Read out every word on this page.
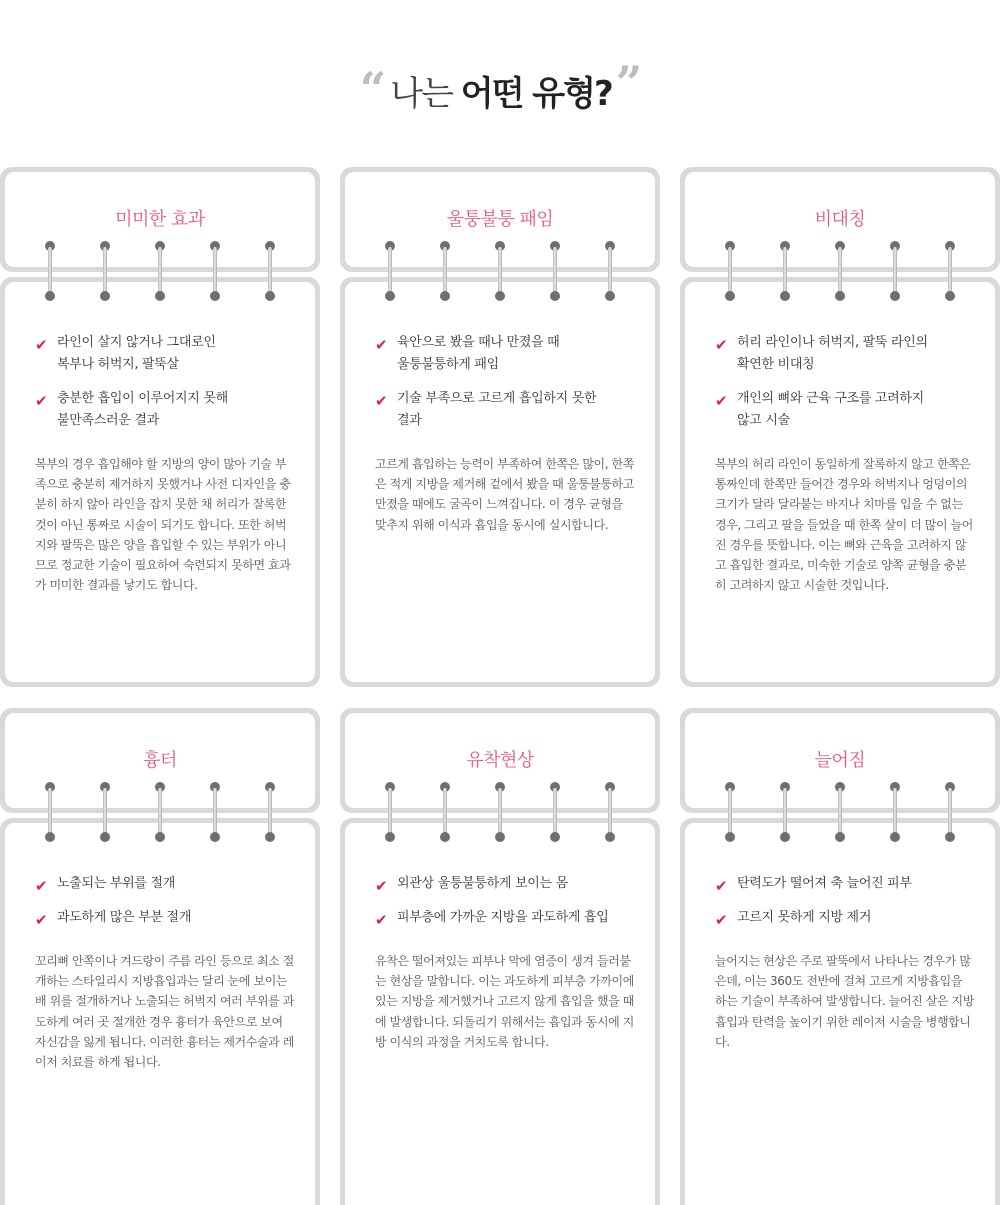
“ 나는 어떤 유형?”
미미한 효과
✔ 라인이 살지 않거나 그대로인
복부나 허벅지, 팔뚝살
✔ 충분한 흡입이 이루어지지 못해
불만족스러운 결과
복부의 경우 흡입해야 할 지방의 양이 많아 기술 부족으로 충분히 제거하지 못했거나 사전 디자인을 충분히 하지 않아 라인을 잡지 못한 채 허리가 잘록한 것이 아닌 통짜로 시술이 되기도 합니다. 또한 허벅지와 팔뚝은 많은 양을 흡입할 수 있는 부위가 아니므로 정교한 기술이 필요하여 숙련되지 못하면 효과가 미미한 결과를 낳기도 합니다.
울퉁불퉁 패임
✔ 육안으로 봤을 때나 만졌을 때
울퉁불퉁하게 패임
✔ 기술 부족으로 고르게 흡입하지 못한
결과
고르게 흡입하는 능력이 부족하여 한쪽은 많이, 한쪽은 적게 지방을 제거해 겉에서 봤을 때 울퉁불퉁하고 만졌을 때에도 굴곡이 느껴집니다. 이 경우 균형을 맞추지 위해 이식과 흡입을 동시에 실시합니다.
비대칭
✔ 허리 라인이나 허벅지, 팔뚝 라인의
확연한 비대칭
✔ 개인의 뼈와 근육 구조를 고려하지
않고 시술
복부의 허리 라인이 동일하게 잘록하지 않고 한쪽은 통짜인데 한쪽만 들어간 경우와 허벅지나 엉덩이의 크기가 달라 달라붙는 바지나 치마를 입을 수 없는 경우, 그리고 팔을 들었을 때 한쪽 살이 더 많이 늘어진 경우를 뜻합니다. 이는 뼈와 근육을 고려하지 않고 흡입한 결과로, 미숙한 기술로 양쪽 균형을 충분히 고려하지 않고 시술한 것입니다.
흉터
✔ 노출되는 부위를 절개
✔ 과도하게 많은 부분 절개
꼬리뼈 안쪽이나 겨드랑이 주름 라인 등으로 최소 절개하는 스타일리시 지방흡입과는 달리 눈에 보이는 배 위를 절개하거나 노출되는 허벅지 여러 부위를 과도하게 여러 곳 절개한 경우 흉터가 육안으로 보여 자신감을 잃게 됩니다. 이러한 흉터는 제거수술과 레이저 치료를 하게 됩니다.
유착현상
✔ 외관상 울퉁불퉁하게 보이는 몸
✔ 피부층에 가까운 지방을 과도하게 흡입
유착은 떨어져있는 피부나 막에 염증이 생겨 들러붙는 현상을 말합니다. 이는 과도하게 피부층 가까이에 있는 지방을 제거했거나 고르지 않게 흡입을 했을 때에 발생합니다. 되돌리기 위해서는 흡입과 동시에 지방 이식의 과정을 거치도록 합니다.
늘어짐
✔ 탄력도가 떨어져 축 늘어진 피부
✔ 고르지 못하게 지방 제거
늘어지는 현상은 주로 팔뚝에서 나타나는 경우가 많은데, 이는 360도 전반에 걸쳐 고르게 지방흡입을 하는 기술이 부족하여 발생합니다. 늘어진 살은 지방 흡입과 탄력을 높이기 위한 레이저 시술을 병행합니다.
